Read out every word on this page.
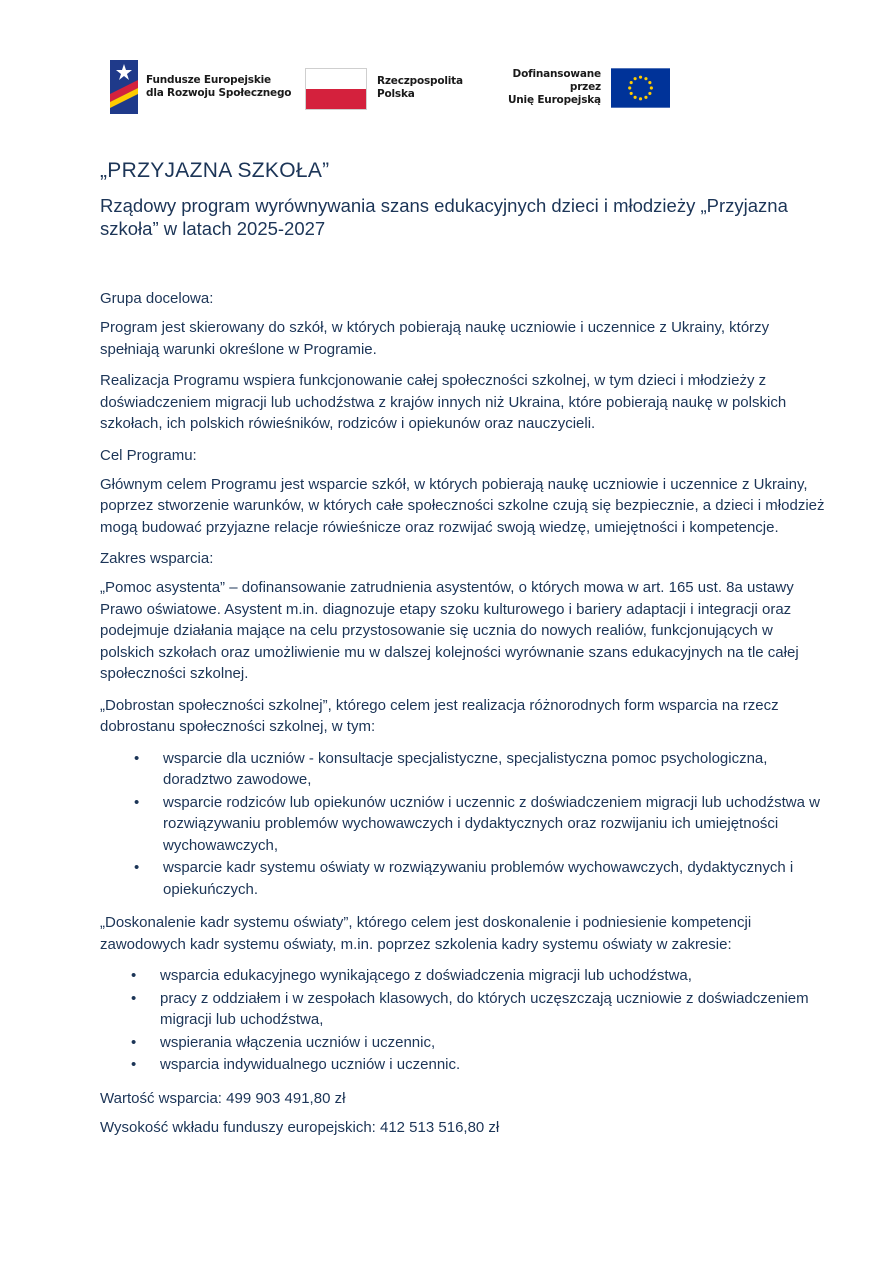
Fundusze Europejskie
dla Rozwoju Społecznego
Rzeczpospolita
Polska
Dofinansowane przez
Unię Europejską
„PRZYJAZNA SZKOŁA”
Rządowy program wyrównywania szans edukacyjnych dzieci i młodzieży „Przyjazna szkoła” w latach 2025-2027
Grupa docelowa:

Program jest skierowany do szkół, w których pobierają naukę uczniowie i uczennice z Ukrainy, którzy spełniają warunki określone w Programie.

Realizacja Programu wspiera funkcjonowanie całej społeczności szkolnej, w tym dzieci i młodzieży z doświadczeniem migracji lub uchodźstwa z krajów innych niż Ukraina, które pobierają naukę w polskich szkołach, ich polskich rówieśników, rodziców i opiekunów oraz nauczycieli.

Cel Programu:

Głównym celem Programu jest wsparcie szkół, w których pobierają naukę uczniowie i uczennice z Ukrainy, poprzez stworzenie warunków, w których całe społeczności szkolne czują się bezpiecznie, a dzieci i młodzież mogą budować przyjazne relacje rówieśnicze oraz rozwijać swoją wiedzę, umiejętności i kompetencje.

Zakres wsparcia:

„Pomoc asystenta” – dofinansowanie zatrudnienia asystentów, o których mowa w art. 165 ust. 8a ustawy Prawo oświatowe. Asystent m.in. diagnozuje etapy szoku kulturowego i bariery adaptacji i integracji oraz podejmuje działania mające na celu przystosowanie się ucznia do nowych realiów, funkcjonujących w polskich szkołach oraz umożliwienie mu w dalszej kolejności wyrównanie szans edukacyjnych na tle całej społeczności szkolnej.

„Dobrostan społeczności szkolnej”, którego celem jest realizacja różnorodnych form wsparcia na rzecz dobrostanu społeczności szkolnej, w tym:

• wsparcie dla uczniów - konsultacje specjalistyczne, specjalistyczna pomoc psychologiczna, doradztwo zawodowe,
• wsparcie rodziców lub opiekunów uczniów i uczennic z doświadczeniem migracji lub uchodźstwa w rozwiązywaniu problemów wychowawczych i dydaktycznych oraz rozwijaniu ich umiejętności wychowawczych,
• wsparcie kadr systemu oświaty w rozwiązywaniu problemów wychowawczych, dydaktycznych i opiekuńczych.

„Doskonalenie kadr systemu oświaty”, którego celem jest doskonalenie i podniesienie kompetencji zawodowych kadr systemu oświaty, m.in. poprzez szkolenia kadry systemu oświaty w zakresie:

• wsparcia edukacyjnego wynikającego z doświadczenia migracji lub uchodźstwa,
• pracy z oddziałem i w zespołach klasowych, do których uczęszczają uczniowie z doświadczeniem migracji lub uchodźstwa,
• wspierania włączenia uczniów i uczennic,
• wsparcia indywidualnego uczniów i uczennic.
Wartość wsparcia: 499 903 491,80 zł
Wysokość wkładu funduszy europejskich: 412 513 516,80 zł
